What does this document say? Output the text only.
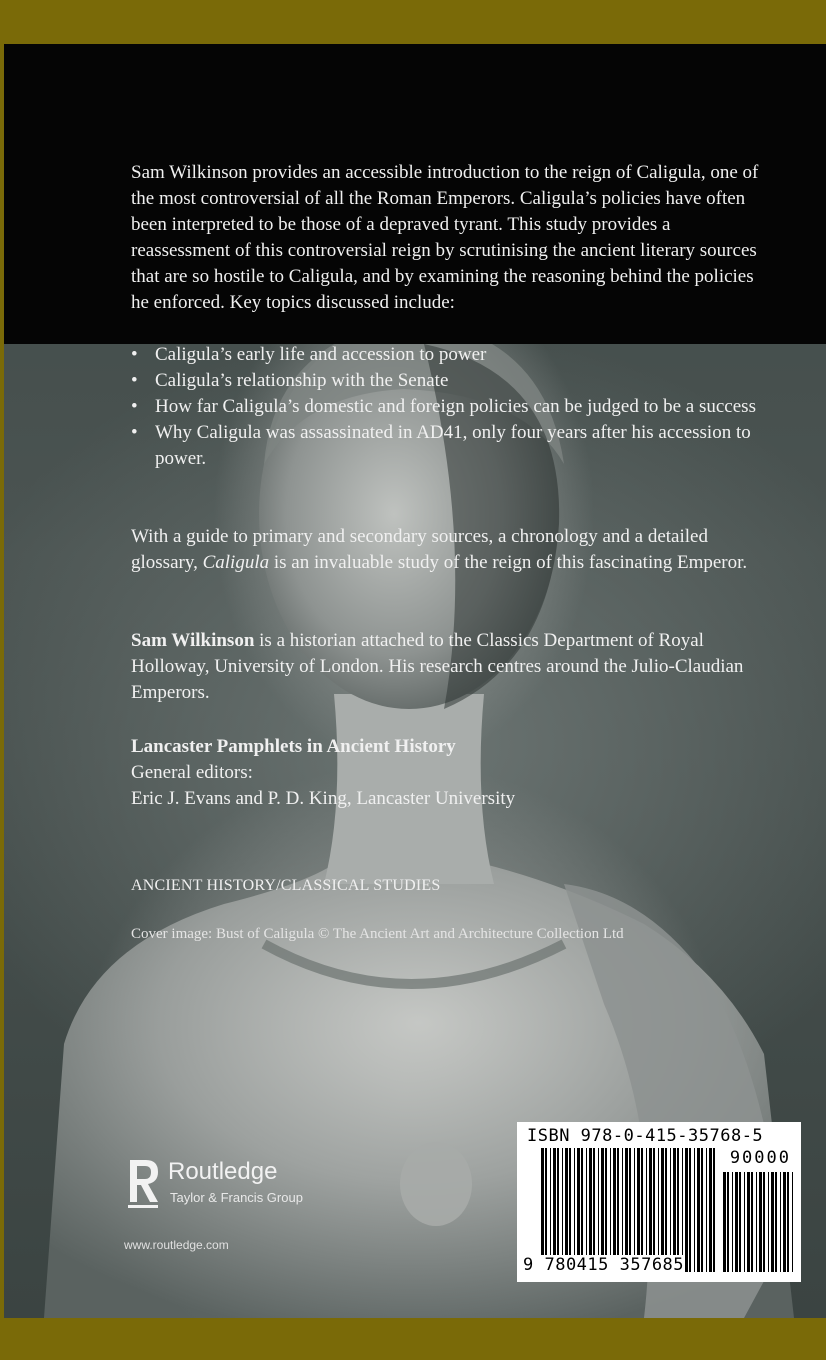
Sam Wilkinson provides an accessible introduction to the reign of Caligula, one of the most controversial of all the Roman Emperors. Caligula’s policies have often been interpreted to be those of a depraved tyrant. This study provides a reassessment of this controversial reign by scrutinising the ancient literary sources that are so hostile to Caligula, and by examining the reasoning behind the policies he enforced. Key topics discussed include:

• Caligula’s early life and accession to power
• Caligula’s relationship with the Senate
• How far Caligula’s domestic and foreign policies can be judged to be a success
• Why Caligula was assassinated in AD41, only four years after his accession to power.

With a guide to primary and secondary sources, a chronology and a detailed glossary, Caligula is an invaluable study of the reign of this fascinating Emperor.

Sam Wilkinson is a historian attached to the Classics Department of Royal Holloway, University of London. His research centres around the Julio-Claudian Emperors.

Lancaster Pamphlets in Ancient History
General editors:
Eric J. Evans and P. D. King, Lancaster University
ANCIENT HISTORY/CLASSICAL STUDIES
Cover image: Bust of Caligula © The Ancient Art and Architecture Collection Ltd
Routledge
Taylor & Francis Group
www.routledge.com
ISBN 978-0-415-35768-5
90000
9 780415 357685
